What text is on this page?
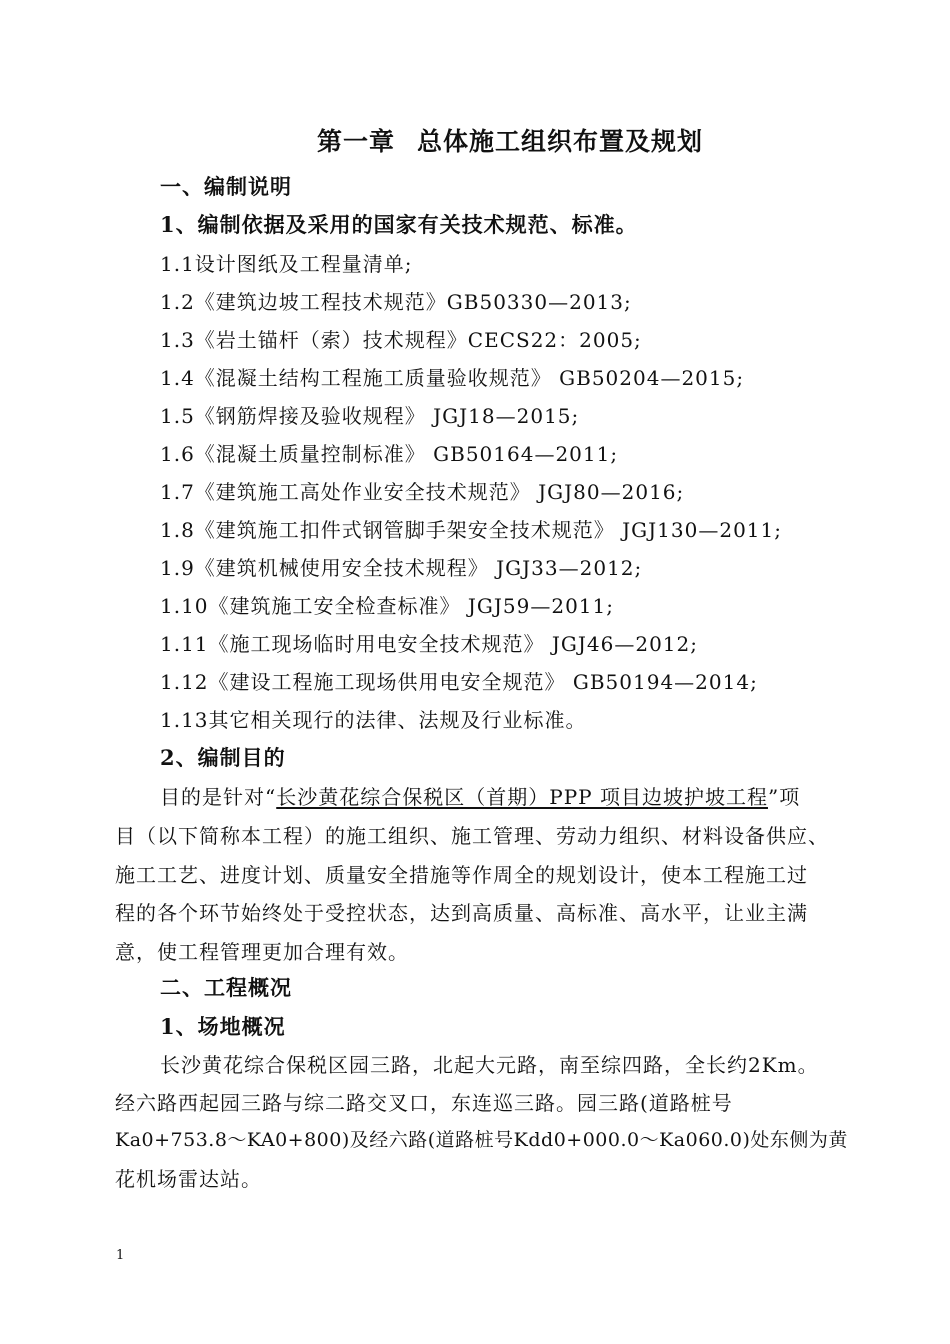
第一章 总体施工组织布置及规划
一、编制说明
1、编制依据及采用的国家有关技术规范、标准。
1.1设计图纸及工程量清单;
1.2《建筑边坡工程技术规范》GB50330—2013;
1.3《岩土锚杆（索）技术规程》CECS22：2005;
1.4《混凝土结构工程施工质量验收规范》 GB50204—2015;
1.5《钢筋焊接及验收规程》 JGJ18—2015;
1.6《混凝土质量控制标准》 GB50164—2011;
1.7《建筑施工高处作业安全技术规范》 JGJ80—2016;
1.8《建筑施工扣件式钢管脚手架安全技术规范》 JGJ130—2011;
1.9《建筑机械使用安全技术规程》 JGJ33—2012;
1.10《建筑施工安全检查标准》 JGJ59—2011;
1.11《施工现场临时用电安全技术规范》 JGJ46—2012;
1.12《建设工程施工现场供用电安全规范》 GB50194—2014;
1.13其它相关现行的法律、法规及行业标准。
2、编制目的
目的是针对“长沙黄花综合保税区（首期）PPP 项目边坡护坡工程”项
目（以下简称本工程）的施工组织、施工管理、劳动力组织、材料设备供应、
施工工艺、进度计划、质量安全措施等作周全的规划设计，使本工程施工过
程的各个环节始终处于受控状态，达到高质量、高标准、高水平，让业主满
意，使工程管理更加合理有效。
二、工程概况
1、场地概况
长沙黄花综合保税区园三路，北起大元路，南至综四路，全长约2Km。
经六路西起园三路与综二路交叉口，东连巡三路。园三路(道路桩号
Ka0+753.8～KA0+800)及经六路(道路桩号Kdd0+000.0～Ka060.0)处东侧为黄
花机场雷达站。
1
